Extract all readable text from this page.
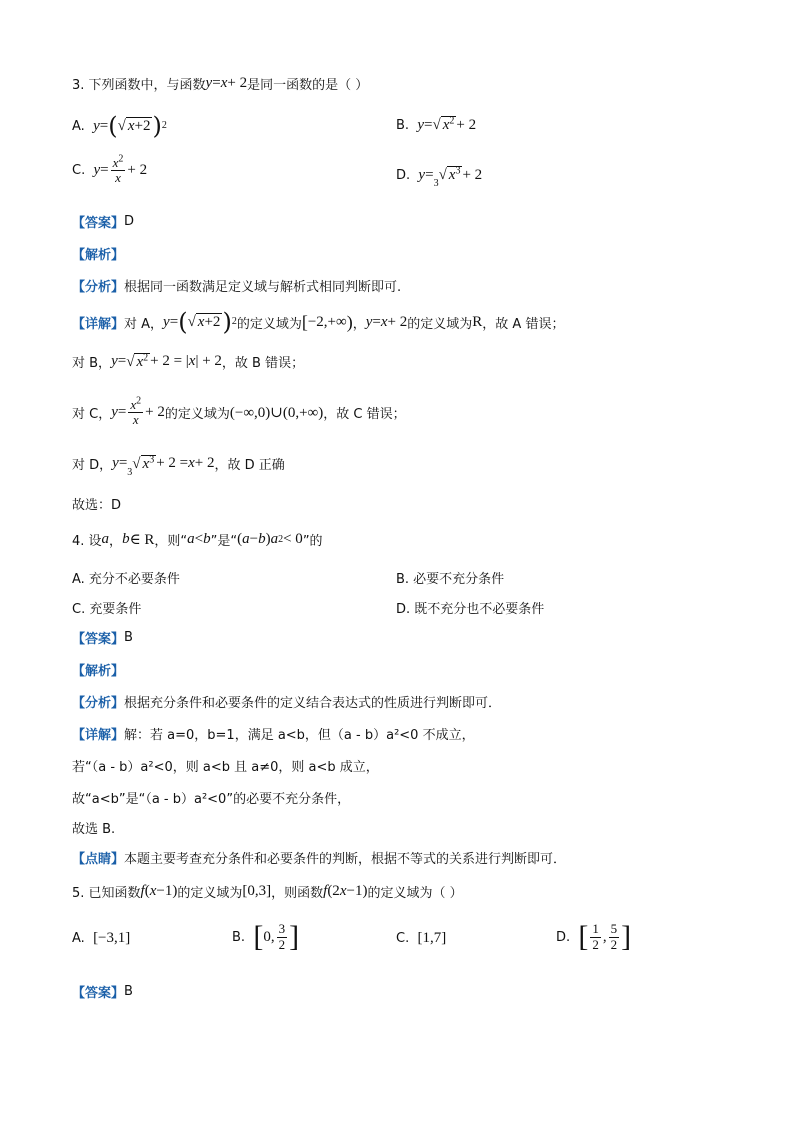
3. 下列函数中，与函数 y = x + 2 是同一函数的是（ ）
A.
y = ( √ x+2 ) 2	B.
y = √ $x^2 + 2$
C.
$y = \frac{x^2}{x} + 2$	D.
y =
3
√ $x^3 + 2$
【答案】 D
【 解析 】
【分析】 根据同一函数满足定义域与解析式相同判断即可.
【详解】 对 A， y = ( √ x+2 ) 2 的定义域为 [ −2,+∞ ) ， y = x + 2 的定义域为 R ，故 A 错误；
对 B， y = √ $x^2 + 2$ = | x | + 2 ，故 B 错误；
对 C， $y = \frac{x^2}{x} + 2$ 的定义域为 (−∞,0)∪(0,+∞) ，故 C 错误；
对 D， y =
3
√ $x^3 + 2 = x + 2$ ，故 D 正确
故选：D
4. 设 a ， b ∈ R ，则“ a < b ”是“ ( a − b ) a 2 < 0 ”的
A. 充分不必要条件	B. 必要不充分条件
C. 充要条件	D. 既不充分也不必要条件
【答案】 B
【 解析 】
【分析】 根据充分条件和必要条件的定义结合表达式的性质进行判断即可．
【详解】 解：若 a=0，b=1，满足 a<b，但（a - b）a²<0 不成立，
若“（a - b）a²<0，则 a<b 且 a≠0，则 a<b 成立，
故“a<b”是“（a - b）a²<0”的必要不充分条件，
故选 B.
【点睛】 本题主要考查充分条件和必要条件的判断，根据不等式的关系进行判断即可．
5. 已知函数 f ( x −1) 的定义域为 [0,3] ，则函数 f (2 x −1) 的定义域为（ ）
A.
[−3,1]	B.
[ 0, $\frac{3}{2}$ ]	C.
[1,7]	D.
[ $\frac{1}{2}$ , $\frac{5}{2}$ ]
【答案】 B
